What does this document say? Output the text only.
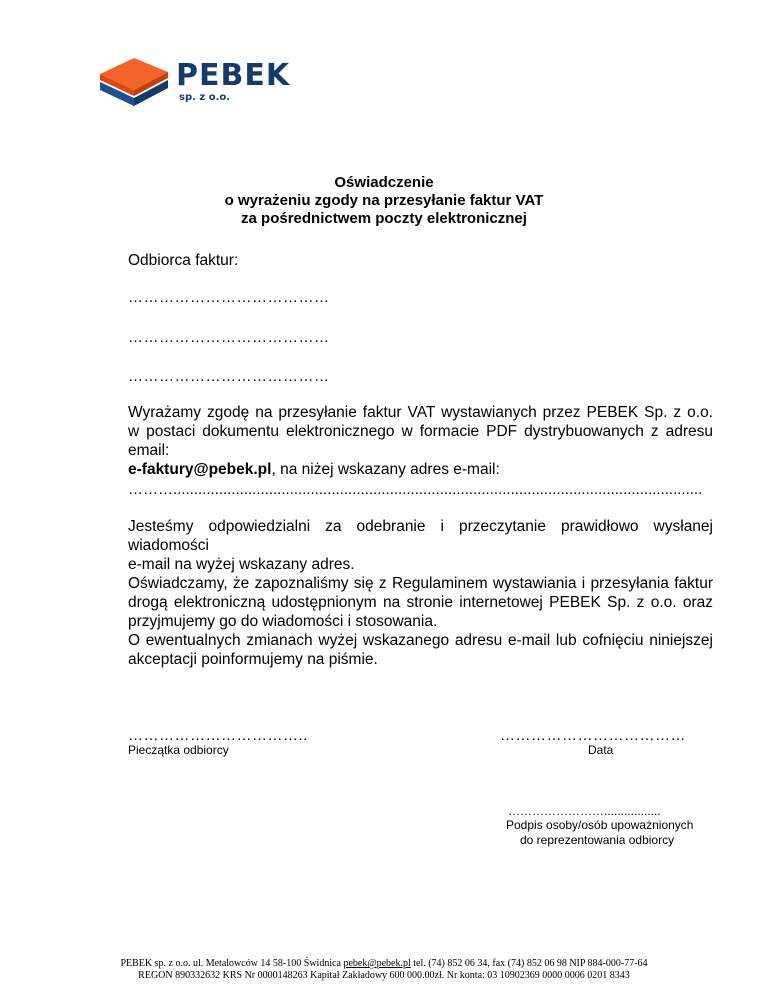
PEBEK
sp. z o.o.
Oświadczenie
o wyrażeniu zgody na przesyłanie faktur VAT
za pośrednictwem poczty elektronicznej
Odbiorca faktur:
…………………………………
…………………………………
…………………………………
Wyrażamy zgodę na przesyłanie faktur VAT wystawianych przez PEBEK Sp. z o.o.
w postaci dokumentu elektronicznego w formacie PDF dystrybuowanych z adresu email:
e-faktury@pebek.pl, na niżej wskazany adres e-mail:
………...............................................................................................................................
Jesteśmy odpowiedzialni za odebranie i przeczytanie prawidłowo wysłanej wiadomości
e-mail na wyżej wskazany adres.
Oświadczamy, że zapoznaliśmy się z Regulaminem wystawiania i przesyłania faktur
drogą elektroniczną udostępnionym na stronie internetowej PEBEK Sp. z o.o. oraz
przyjmujemy go do wiadomości i stosowania.
O ewentualnych zmianach wyżej wskazanego adresu e-mail lub cofnięciu niniejszej
akceptacji poinformujemy na piśmie.
……………………………..
Pieczątka odbiorcy
………………………………
Data
…………………….................
Podpis osoby/osób upoważnionych
do reprezentowania odbiorcy
PEBEK sp. z o.o. ul. Metalowców 14 58-100 Świdnica pebek@pebek.pl tel. (74) 852 06 34, fax (74) 852 06 98 NIP 884-000-77-64
REGON 890332632 KRS Nr 0000148263 Kapitał Zakładowy 600 000.00zł. Nr konta: 03 10902369 0000 0006 0201 8343
